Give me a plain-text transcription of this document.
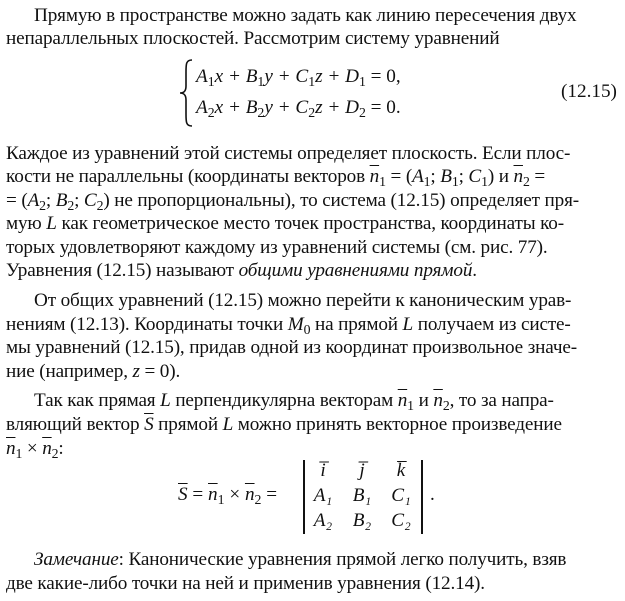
Прямую в пространстве можно задать как линию пересечения двух

непараллельных плоскостей. Рассмотрим систему уравнений

$A_1x + B_1y + C_1z + D_1 = 0$,
$A_2x + B_2y + C_2z + D_2 = 0$.
(12.15)

Каждое из уравнений этой системы определяет плоскость. Если плос-

кости не параллельны (координаты векторов $\overline{n}_1 = (A_1$; $B_1$; $C_1$) и $\overline{n}_2$ =

= ($A_2$; $B_2$; $C_2$) не пропорциональны), то система (12.15) определяет пря-

мую L как геометрическое место точек пространства, координаты ко-

торых удовлетворяют каждому из уравнений системы (см. рис. 77).

Уравнения (12.15) называют общими уравнениями прямой.

От общих уравнений (12.15) можно перейти к каноническим урав-

нениям (12.13). Координаты точки $M_0$ на прямой L получаем из систе-

мы уравнений (12.15), придав одной из координат произвольное значе-

ние (например, z = 0).

Так как прямая L перпендикулярна векторам $\overline{n}_1$ и $\overline{n}_2$, то за напра-

вляющий вектор $\overline{S}$ прямой L можно принять векторное произведение

$\overline{n}_1 \times \overline{n}_2$:

$\overline{S} = \overline{n}_1 \times \overline{n}_2$ =
i̅	j̅	k̅
A₁	B₁	C₁
A₂	B₂	C₂
.

Замечание: Канонические уравнения прямой легко получить, взяв

две какие-либо точки на ней и применив уравнения (12.14).
